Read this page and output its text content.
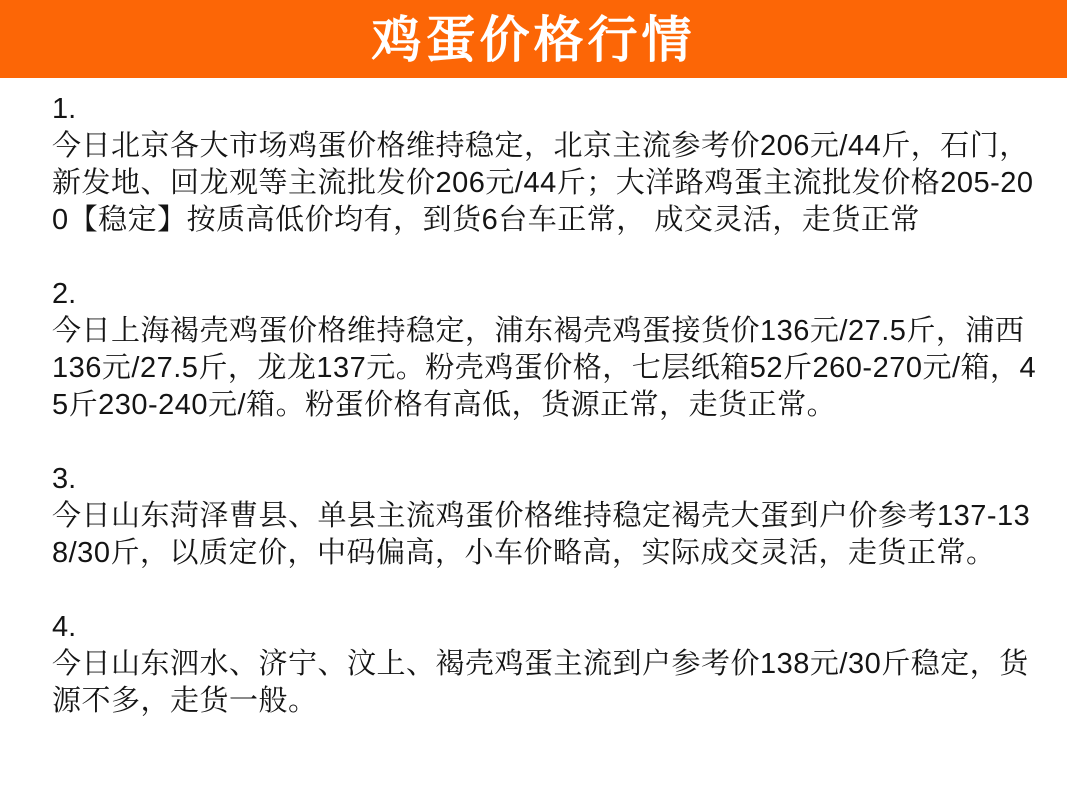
鸡蛋价格行情

1.

今日北京各大市场鸡蛋价格维持稳定，北京主流参考价206元/44斤，石门，新发地、回龙观等主流批发价206元/44斤；大洋路鸡蛋主流批发价格205-200【稳定】按质高低价均有，到货6台车正常， 成交灵活，走货正常

2.

今日上海褐壳鸡蛋价格维持稳定，浦东褐壳鸡蛋接货价136元/27.5斤，浦西136元/27.5斤，龙龙137元。粉壳鸡蛋价格，七层纸箱52斤260-270元/箱，45斤230-240元/箱。粉蛋价格有高低，货源正常，走货正常。

3.

今日山东菏泽曹县、单县主流鸡蛋价格维持稳定褐壳大蛋到户价参考137-138/30斤，以质定价，中码偏高，小车价略高，实际成交灵活，走货正常。

4.

今日山东泗水、济宁、汶上、褐壳鸡蛋主流到户参考价138元/30斤稳定，货源不多，走货一般。
